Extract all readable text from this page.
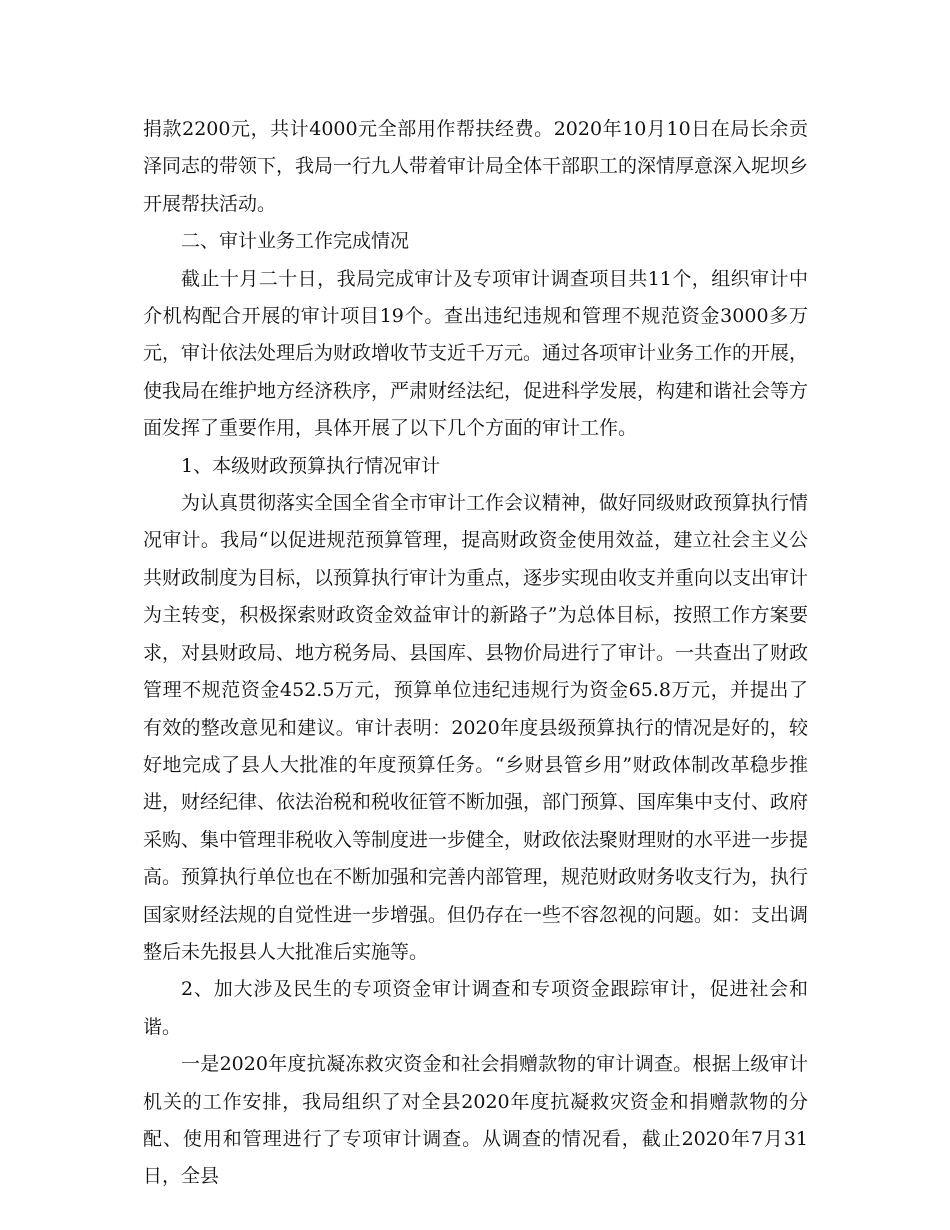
捐款2200元，共计4000元全部用作帮扶经费。2020年10月10日在局长余贡泽同志的带领下，我局一行九人带着审计局全体干部职工的深情厚意深入坭坝乡开展帮扶活动。

二、审计业务工作完成情况

截止十月二十日，我局完成审计及专项审计调查项目共11个，组织审计中介机构配合开展的审计项目19个。查出违纪违规和管理不规范资金3000多万元，审计依法处理后为财政增收节支近千万元。通过各项审计业务工作的开展，使我局在维护地方经济秩序，严肃财经法纪，促进科学发展，构建和谐社会等方面发挥了重要作用，具体开展了以下几个方面的审计工作。

1、本级财政预算执行情况审计

为认真贯彻落实全国全省全市审计工作会议精神，做好同级财政预算执行情况审计。我局“以促进规范预算管理，提高财政资金使用效益，建立社会主义公共财政制度为目标，以预算执行审计为重点，逐步实现由收支并重向以支出审计为主转变，积极探索财政资金效益审计的新路子”为总体目标，按照工作方案要求，对县财政局、地方税务局、县国库、县物价局进行了审计。一共查出了财政管理不规范资金452.5万元，预算单位违纪违规行为资金65.8万元，并提出了有效的整改意见和建议。审计表明：2020年度县级预算执行的情况是好的，较好地完成了县人大批准的年度预算任务。“乡财县管乡用”财政体制改革稳步推进，财经纪律、依法治税和税收征管不断加强，部门预算、国库集中支付、政府采购、集中管理非税收入等制度进一步健全，财政依法聚财理财的水平进一步提高。预算执行单位也在不断加强和完善内部管理，规范财政财务收支行为，执行国家财经法规的自觉性进一步增强。但仍存在一些不容忽视的问题。如：支出调整后未先报县人大批准后实施等。

2、加大涉及民生的专项资金审计调查和专项资金跟踪审计，促进社会和谐。

一是2020年度抗凝冻救灾资金和社会捐赠款物的审计调查。根据上级审计机关的工作安排，我局组织了对全县2020年度抗凝救灾资金和捐赠款物的分配、使用和管理进行了专项审计调查。从调查的情况看，截止2020年7月31日，全县
